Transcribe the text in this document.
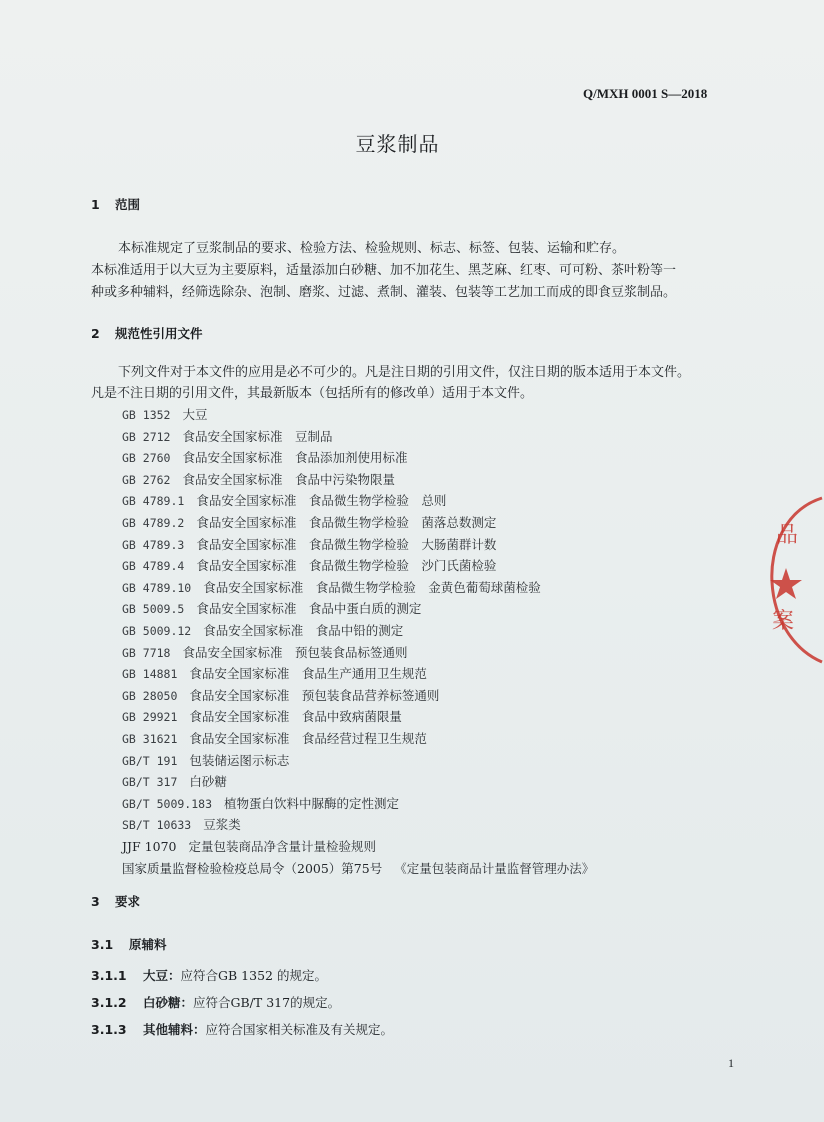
Q/MXH 0001 S—2018
豆浆制品
1 范围
本标准规定了豆浆制品的要求、检验方法、检验规则、标志、标签、包装、运输和贮存。
本标准适用于以大豆为主要原料，适量添加白砂糖、加不加花生、黑芝麻、红枣、可可粉、茶叶粉等一
种或多种辅料，经筛选除杂、泡制、磨浆、过滤、煮制、灌装、包装等工艺加工而成的即食豆浆制品。
2 规范性引用文件
下列文件对于本文件的应用是必不可少的。凡是注日期的引用文件，仅注日期的版本适用于本文件。
凡是不注日期的引用文件，其最新版本（包括所有的修改单）适用于本文件。
GB 1352 大豆
GB 2712 食品安全国家标准　豆制品
GB 2760 食品安全国家标准　食品添加剂使用标准
GB 2762 食品安全国家标准　食品中污染物限量
GB 4789.1 食品安全国家标准　食品微生物学检验　总则
GB 4789.2 食品安全国家标准　食品微生物学检验　菌落总数测定
GB 4789.3 食品安全国家标准　食品微生物学检验　大肠菌群计数
GB 4789.4 食品安全国家标准　食品微生物学检验　沙门氏菌检验
GB 4789.10 食品安全国家标准　食品微生物学检验　金黄色葡萄球菌检验
GB 5009.5 食品安全国家标准　食品中蛋白质的测定
GB 5009.12 食品安全国家标准　食品中铅的测定
GB 7718 食品安全国家标准　预包装食品标签通则
GB 14881 食品安全国家标准　食品生产通用卫生规范
GB 28050 食品安全国家标准　预包装食品营养标签通则
GB 29921 食品安全国家标准　食品中致病菌限量
GB 31621 食品安全国家标准　食品经营过程卫生规范
GB/T 191 包装储运图示标志
GB/T 317 白砂糖
GB/T 5009.183 植物蛋白饮料中脲酶的定性测定
SB/T 10633 豆浆类
JJF 1070 定量包装商品净含量计量检验规则
国家质量监督检验检疫总局令（2005）第75号 《定量包装商品计量监督管理办法》
3 要求
3.1 原辅料
3.1.1 大豆：应符合GB 1352 的规定。
3.1.2 白砂糖：应符合GB/T 317的规定。
3.1.3 其他辅料：应符合国家相关标准及有关规定。
1
品
案
